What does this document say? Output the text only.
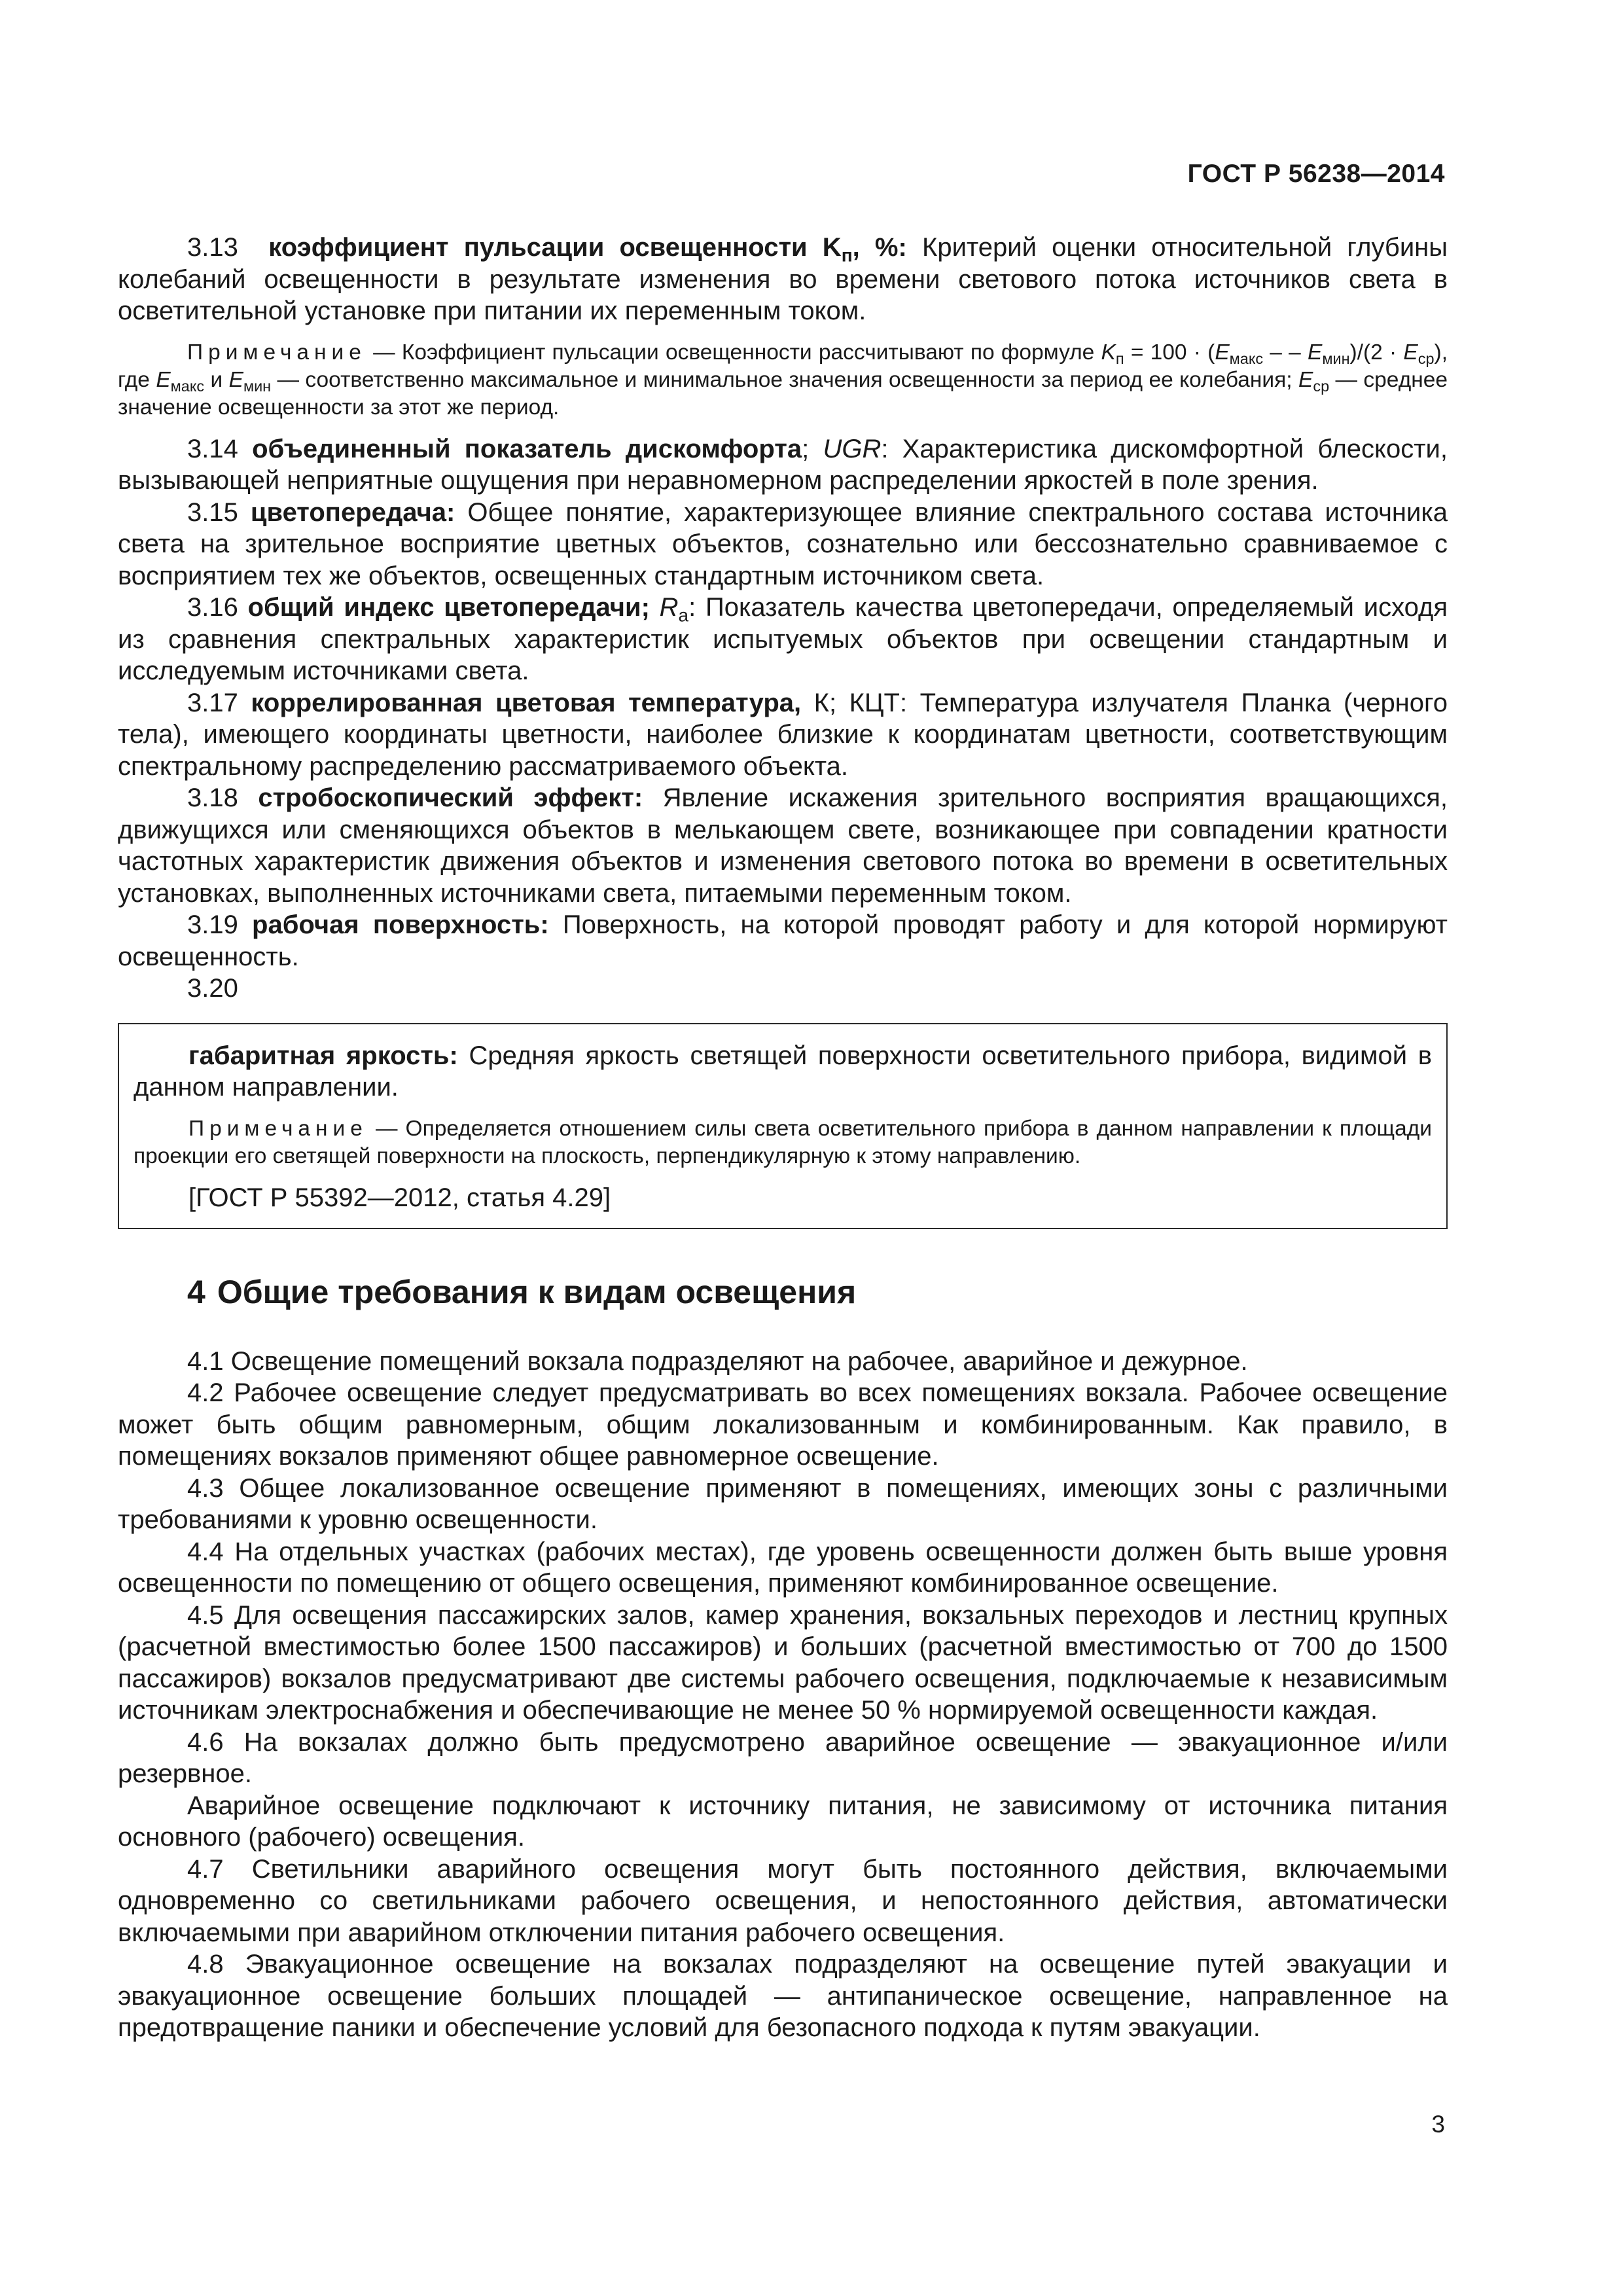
ГОСТ Р 56238—2014

3.13 коэффициент пульсации освещенности $K_п$, %: Критерий оценки относительной глубины колебаний освещенности в результате изменения во времени светового потока источников света в осветительной установке при питании их переменным током.

Примечание — Коэффициент пульсации освещенности рассчитывают по формуле $K_п = 100 \cdot (E_{макс}$ – – $E_{мин})/(2 \cdot E_{ср})$, где $E_{макс}$ и $E_{мин}$ — соответственно максимальное и минимальное значения освещенности за период ее колебания; $E_{ср}$ — среднее значение освещенности за этот же период.

3.14 объединенный показатель дискомфорта; UGR: Характеристика дискомфортной блескости, вызывающей неприятные ощущения при неравномерном распределении яркостей в поле зрения.

3.15 цветопередача: Общее понятие, характеризующее влияние спектрального состава источника света на зрительное восприятие цветных объектов, сознательно или бессознательно сравниваемое с восприятием тех же объектов, освещенных стандартным источником света.

3.16 общий индекс цветопередачи; $R_a$: Показатель качества цветопередачи, определяемый исходя из сравнения спектральных характеристик испытуемых объектов при освещении стандартным и исследуемым источниками света.

3.17 коррелированная цветовая температура, К; КЦТ: Температура излучателя Планка (черного тела), имеющего координаты цветности, наиболее близкие к координатам цветности, соответствующим спектральному распределению рассматриваемого объекта.

3.18 стробоскопический эффект: Явление искажения зрительного восприятия вращающихся, движущихся или сменяющихся объектов в мелькающем свете, возникающее при совпадении кратности частотных характеристик движения объектов и изменения светового потока во времени в осветительных установках, выполненных источниками света, питаемыми переменным током.

3.19 рабочая поверхность: Поверхность, на которой проводят работу и для которой нормируют освещенность.

3.20

габаритная яркость: Средняя яркость светящей поверхности осветительного прибора, видимой в данном направлении.

Примечание — Определяется отношением силы света осветительного прибора в данном направлении к площади проекции его светящей поверхности на плоскость, перпендикулярную к этому направлению.

[ГОСТ Р 55392—2012, статья 4.29]

4 Общие требования к видам освещения

4.1 Освещение помещений вокзала подразделяют на рабочее, аварийное и дежурное.

4.2 Рабочее освещение следует предусматривать во всех помещениях вокзала. Рабочее освещение может быть общим равномерным, общим локализованным и комбинированным. Как правило, в помещениях вокзалов применяют общее равномерное освещение.

4.3 Общее локализованное освещение применяют в помещениях, имеющих зоны с различными требованиями к уровню освещенности.

4.4 На отдельных участках (рабочих местах), где уровень освещенности должен быть выше уровня освещенности по помещению от общего освещения, применяют комбинированное освещение.

4.5 Для освещения пассажирских залов, камер хранения, вокзальных переходов и лестниц крупных (расчетной вместимостью более 1500 пассажиров) и больших (расчетной вместимостью от 700 до 1500 пассажиров) вокзалов предусматривают две системы рабочего освещения, подключаемые к независимым источникам электроснабжения и обеспечивающие не менее 50 % нормируемой освещенности каждая.

4.6 На вокзалах должно быть предусмотрено аварийное освещение — эвакуационное и/или резервное.

Аварийное освещение подключают к источнику питания, не зависимому от источника питания основного (рабочего) освещения.

4.7 Светильники аварийного освещения могут быть постоянного действия, включаемыми одновременно со светильниками рабочего освещения, и непостоянного действия, автоматически включаемыми при аварийном отключении питания рабочего освещения.

4.8 Эвакуационное освещение на вокзалах подразделяют на освещение путей эвакуации и эвакуационное освещение больших площадей — антипаническое освещение, направленное на предотвращение паники и обеспечение условий для безопасного подхода к путям эвакуации.

3
